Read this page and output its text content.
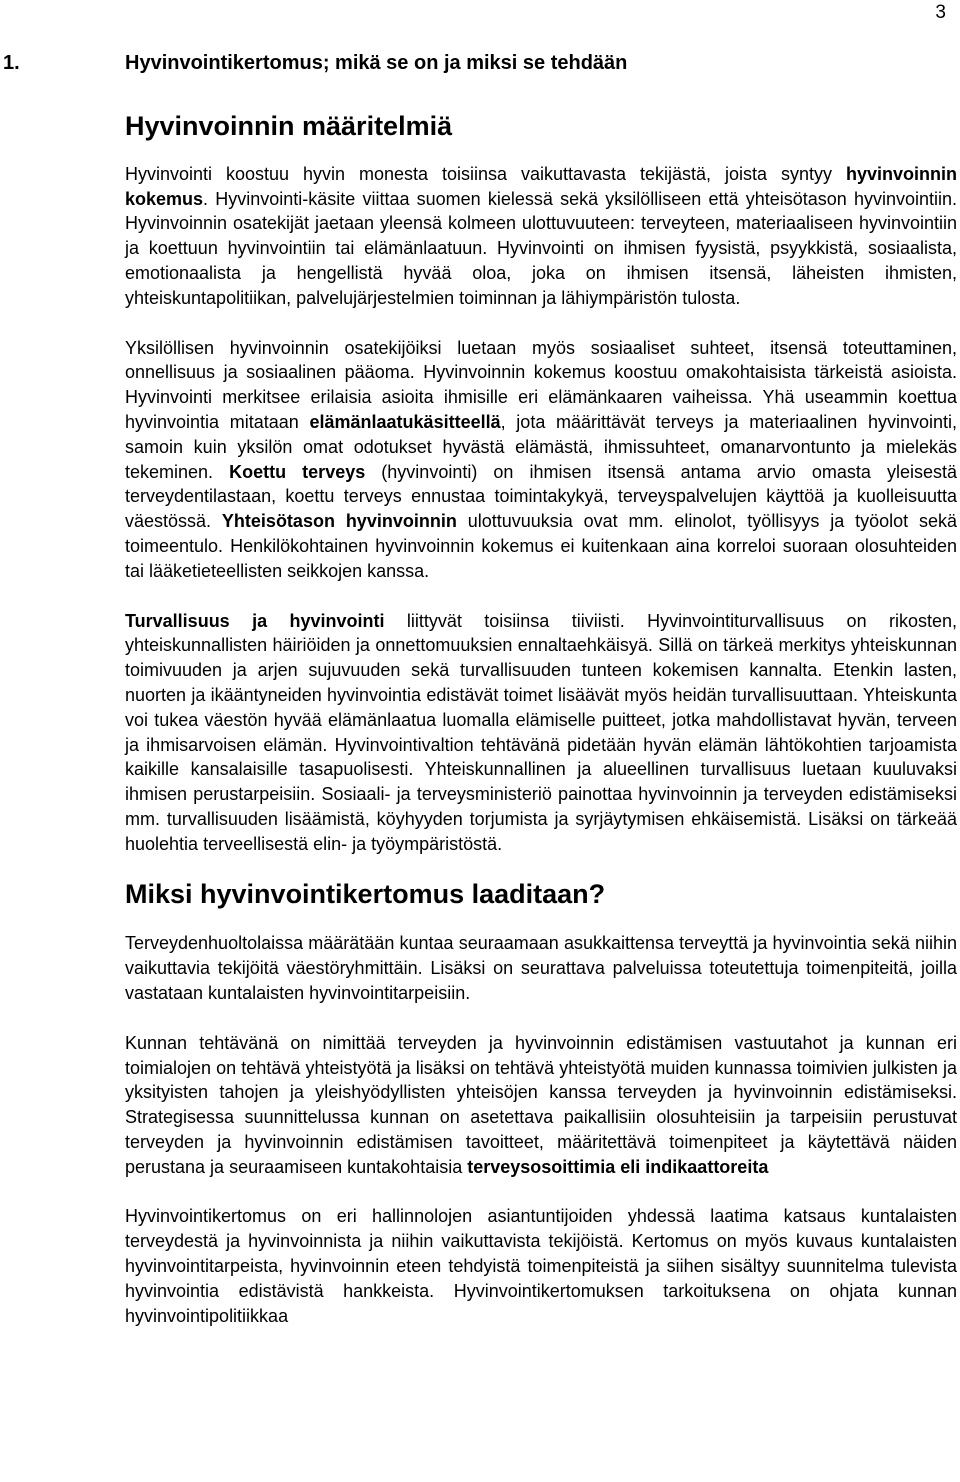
3
1.	Hyvinvointikertomus; mikä se on ja miksi se tehdään
Hyvinvoinnin määritelmiä

Hyvinvointi koostuu hyvin monesta toisiinsa vaikuttavasta tekijästä, joista syntyy hyvinvoinnin kokemus. Hyvinvointi-käsite viittaa suomen kielessä sekä yksilölliseen että yhteisötason hyvinvointiin. Hyvinvoinnin osatekijät jaetaan yleensä kolmeen ulottuvuuteen: terveyteen, materiaaliseen hyvinvointiin ja koettuun hyvinvointiin tai elämänlaatuun. Hyvinvointi on ihmisen fyysistä, psyykkistä, sosiaalista, emotionaalista ja hengellistä hyvää oloa, joka on ihmisen itsensä, läheisten ihmisten, yhteiskuntapolitiikan, palvelujärjestelmien toiminnan ja lähiympäristön tulosta.

Yksilöllisen hyvinvoinnin osatekijöiksi luetaan myös sosiaaliset suhteet, itsensä toteuttaminen, onnellisuus ja sosiaalinen pääoma. Hyvinvoinnin kokemus koostuu omakohtaisista tärkeistä asioista. Hyvinvointi merkitsee erilaisia asioita ihmisille eri elämänkaaren vaiheissa. Yhä useammin koettua hyvinvointia mitataan elämänlaatukäsitteellä, jota määrittävät terveys ja materiaalinen hyvinvointi, samoin kuin yksilön omat odotukset hyvästä elämästä, ihmissuhteet, omanarvontunto ja mielekäs tekeminen. Koettu terveys (hyvinvointi) on ihmisen itsensä antama arvio omasta yleisestä terveydentilastaan, koettu terveys ennustaa toimintakykyä, terveyspalvelujen käyttöä ja kuolleisuutta väestössä. Yhteisötason hyvinvoinnin ulottuvuuksia ovat mm. elinolot, työllisyys ja työolot sekä toimeentulo. Henkilökohtainen hyvinvoinnin kokemus ei kuitenkaan aina korreloi suoraan olosuhteiden tai lääketieteellisten seikkojen kanssa.

Turvallisuus ja hyvinvointi liittyvät toisiinsa tiiviisti. Hyvinvointiturvallisuus on rikosten, yhteiskunnallisten häiriöiden ja onnettomuuksien ennaltaehkäisyä. Sillä on tärkeä merkitys yhteiskunnan toimivuuden ja arjen sujuvuuden sekä turvallisuuden tunteen kokemisen kannalta. Etenkin lasten, nuorten ja ikääntyneiden hyvinvointia edistävät toimet lisäävät myös heidän turvallisuuttaan. Yhteiskunta voi tukea väestön hyvää elämänlaatua luomalla elämiselle puitteet, jotka mahdollistavat hyvän, terveen ja ihmisarvoisen elämän. Hyvinvointivaltion tehtävänä pidetään hyvän elämän lähtökohtien tarjoamista kaikille kansalaisille tasapuolisesti. Yhteiskunnallinen ja alueellinen turvallisuus luetaan kuuluvaksi ihmisen perustarpeisiin. Sosiaali- ja terveysministeriö painottaa hyvinvoinnin ja terveyden edistämiseksi mm. turvallisuuden lisäämistä, köyhyyden torjumista ja syrjäytymisen ehkäisemistä. Lisäksi on tärkeää huolehtia terveellisestä elin- ja työympäristöstä.

Miksi hyvinvointikertomus laaditaan?

Terveydenhuoltolaissa määrätään kuntaa seuraamaan asukkaittensa terveyttä ja hyvinvointia sekä niihin vaikuttavia tekijöitä väestöryhmittäin. Lisäksi on seurattava palveluissa toteutettuja toimenpiteitä, joilla vastataan kuntalaisten hyvinvointitarpeisiin.

Kunnan tehtävänä on nimittää terveyden ja hyvinvoinnin edistämisen vastuutahot ja kunnan eri toimialojen on tehtävä yhteistyötä ja lisäksi on tehtävä yhteistyötä muiden kunnassa toimivien julkisten ja yksityisten tahojen ja yleishyödyllisten yhteisöjen kanssa terveyden ja hyvinvoinnin edistämiseksi. Strategisessa suunnittelussa kunnan on asetettava paikallisiin olosuhteisiin ja tarpeisiin perustuvat terveyden ja hyvinvoinnin edistämisen tavoitteet, määritettävä toimenpiteet ja käytettävä näiden perustana ja seuraamiseen kuntakohtaisia terveysosoittimia eli indikaattoreita

Hyvinvointikertomus on eri hallinnolojen asiantuntijoiden yhdessä laatima katsaus kuntalaisten terveydestä ja hyvinvoinnista ja niihin vaikuttavista tekijöistä. Kertomus on myös kuvaus kuntalaisten hyvinvointitarpeista, hyvinvoinnin eteen tehdyistä toimenpiteistä ja siihen sisältyy suunnitelma tulevista hyvinvointia edistävistä hankkeista. Hyvinvointikertomuksen tarkoituksena on ohjata kunnan hyvinvointipolitiikkaa
